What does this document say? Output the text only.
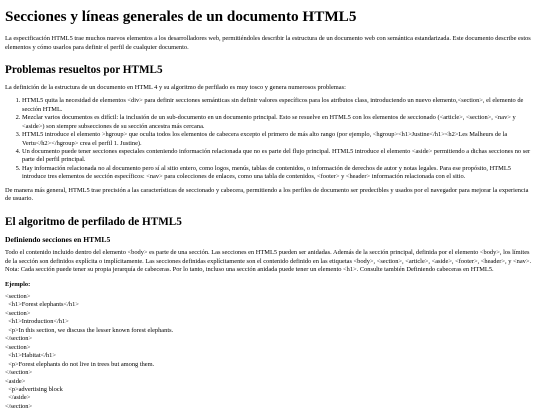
Secciones y líneas generales de un documento HTML5

La especificación HTML5 trae muchos nuevos elementos a los desarrolladores web, permitiéndoles describir la estructura de un documento web con semántica estandarizada. Este documento describe estos elementos y cómo usarlos para definir el perfil de cualquier documento.

Problemas resueltos por HTML5

La definición de la estructura de un documento en HTML 4 y su algoritmo de perfilado es muy tosco y genera numerosos problemas:

1. HTML5 quita la necesidad de elementos <div> para definir secciones semánticas sin definir valores específicos para los atributos class, introduciendo un nuevo elemento,<section>, el elemento de sección HTML.
2. Mezclar varios documentos es difícil: la inclusión de un sub-documento en un documento principal. Esto se resuelve en HTML5 con los elementos de seccionado (<article>, <section>, <nav> y <aside>) son siempre subsecciones de su sección ancestra más cercana.
3. HTML5 introduce el elemento >hgroup> que oculta todos los elementos de cabecera excepto el primero de más alto rango (por ejemplo, <hgroup><h1>Justine</h1><h2>Les Malheurs de la Vertu</h2></hgroup> crea el perfil 1. Justine).
4. Un documento puede tener secciones especiales conteniendo información relacionada que no es parte del flujo principal. HTML5 introduce el elemento <aside> permitiendo a dichas secciones no ser parte del perfil principal.
5. Hay información relacionada no al documento pero sí al sitio entero, como logos, menús, tablas de contenidos, o información de derechos de autor y notas legales. Para ese propósito, HTML5 introduce tres elementos de sección específicos: <nav> para colecciones de enlaces, como una tabla de contenidos, <footer> y <header> información relacionada con el sitio.

De manera más general, HTML5 trae precisión a las características de seccionado y cabecera, permitiendo a los perfiles de documento ser predecibles y usados por el navegador para mejorar la experiencia de usuario.

El algoritmo de perfilado de HTML5
Definiendo secciones en HTML5

Todo el contenido incluido dentro del elemento <body> es parte de una sección. Las secciones en HTML5 pueden ser anidadas. Además de la sección principal, definida por el elemento <body>, los límites de la sección son definidos explícita o implícitamente. Las secciones definidas explícitamente son el contenido definido en las etiquetas <body>, <section>, <article>, <aside>, <footer>, <header>, y <nav>. Nota: Cada sección puede tener su propia jerarquía de cabeceras. Por lo tanto, incluso una sección anidada puede tener un elemento <h1>. Consulte también Definiendo cabeceras en HTML5.

Ejemplo:
<section>
<h1>Forest elephants</h1>
<section>
<h1>Introduction</h1>
<p>In this section, we discuss the lesser known forest elephants.
</section>
<section>
<h1>Habitat</h1>
<p>Forest elephants do not live in trees but among them.
</section>
<aside>
<p>advertising block
</aside>
</section>
